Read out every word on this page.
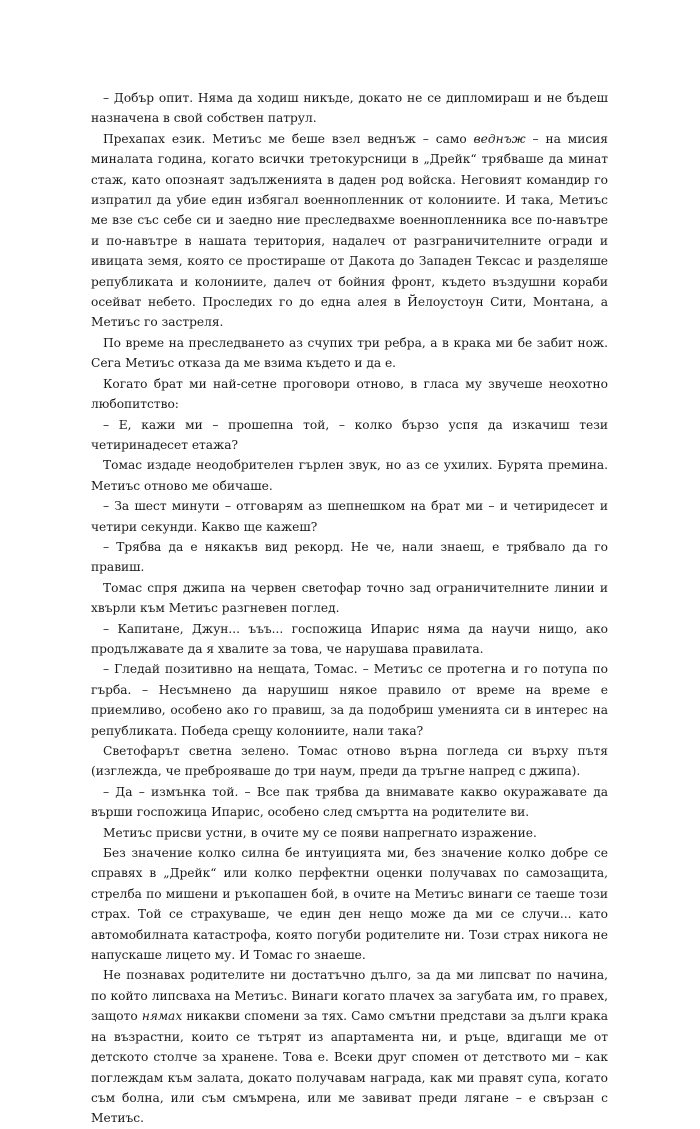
– Добър опит. Няма да ходиш никъде, докато не се дипломираш и не бъдеш назначена в свой собствен патрул.

Прехапах език. Метиъс ме беше взел веднъж – само веднъж – на мисия миналата година, когато всички третокурсници в „Дрейк“ трябваше да минат стаж, като опознаят задълженията в даден род войска. Неговият командир го изпратил да убие един избягал военнопленник от колониите. И така, Метиъс ме взе със себе си и заедно ние преследвахме военнопленника все по-навътре и по-навътре в нашата територия, надалеч от разграничителните огради и ивицата земя, която се простираше от Дакота до Западен Тексас и разделяше републиката и колониите, далеч от бойния фронт, където въздушни кораби осейват небето. Проследих го до една алея в Йелоустоун Сити, Монтана, а Метиъс го застреля.

По време на преследването аз счупих три ребра, а в крака ми бе забит нож. Сега Метиъс отказа да ме взима където и да е.

Когато брат ми най-сетне проговори отново, в гласа му звучеше неохотно любопитство:

– Е, кажи ми – прошепна той, – колко бързо успя да изкачиш тези четиринадесет етажа?

Томас издаде неодобрителен гърлен звук, но аз се ухилих. Бурята премина. Метиъс отново ме обичаше.

– За шест минути – отговарям аз шепнешком на брат ми – и четиридесет и четири секунди. Какво ще кажеш?

– Трябва да е някакъв вид рекорд. Не че, нали знаеш, е трябвало да го правиш.

Томас спря джипа на червен светофар точно зад ограничителните линии и хвърли към Метиъс разгневен поглед.

– Капитане, Джун... ъъъ... госпожица Ипарис няма да научи нищо, ако продължавате да я хвалите за това, че нарушава правилата.

– Гледай позитивно на нещата, Томас. – Метиъс се протегна и го потупа по гърба. – Несъмнено да нарушиш някое правило от време на време е приемливо, особено ако го правиш, за да подобриш уменията си в интерес на републиката. Победа срещу колониите, нали така?

Светофарът светна зелено. Томас отново върна погледа си върху пътя (изглежда, че преброяваше до три наум, преди да тръгне напред с джипа).

– Да – измънка той. – Все пак трябва да внимавате какво окуражавате да върши госпожица Ипарис, особено след смъртта на родителите ви.

Метиъс присви устни, в очите му се появи напрегнато изражение.

Без значение колко силна бе интуицията ми, без значение колко добре се справях в „Дрейк“ или колко перфектни оценки получавах по самозащита, стрелба по мишени и ръкопашен бой, в очите на Метиъс винаги се таеше този страх. Той се страхуваше, че един ден нещо може да ми се случи... като автомобилната катастрофа, която погуби родителите ни. Този страх никога не напускаше лицето му. И Томас го знаеше.

Не познавах родителите ни достатъчно дълго, за да ми липсват по начина, по който липсваха на Метиъс. Винаги когато плачех за загубата им, го правех, защото нямах никакви спомени за тях. Само смътни представи за дълги крака на възрастни, които се тътрят из апартамента ни, и ръце, вдигащи ме от детското столче за хранене. Това е. Всеки друг спомен от детството ми – как поглеждам към залата, докато получавам награда, как ми правят супа, когато съм болна, или съм смъмрена, или ме завиват преди лягане – е свързан с Метиъс.
